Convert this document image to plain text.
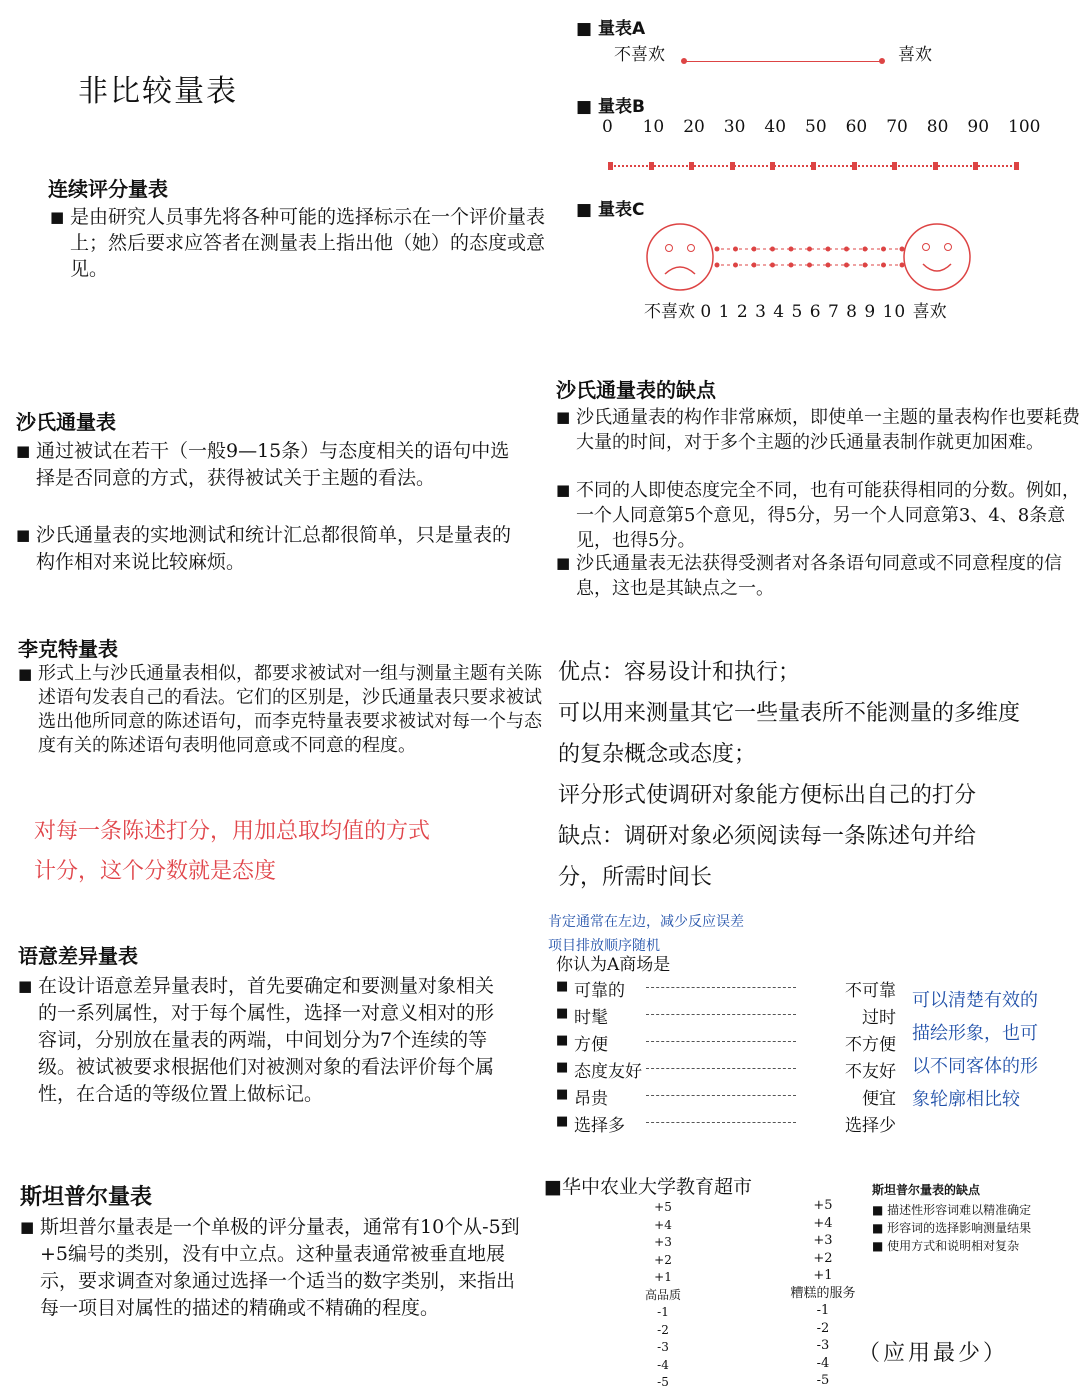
非比较量表
连续评分量表
■ 是由研究人员事先将各种可能的选择标示在一个评价量表上；然后要求应答者在测量表上指出他（她）的态度或意见。
■ 量表A
不喜欢	喜欢
■ 量表B
0 10 20 30 40 50 60 70 80 90 100
■ 量表C
不喜欢 0 1 2 3 4 5 6 7 8 9 10 喜欢
沙氏通量表
■ 通过被试在若干（一般9—15条）与态度相关的语句中选择是否同意的方式，获得被试关于主题的看法。
■ 沙氏通量表的实地测试和统计汇总都很简单，只是量表的构作相对来说比较麻烦。
沙氏通量表的缺点
■ 沙氏通量表的构作非常麻烦，即使单一主题的量表构作也要耗费大量的时间，对于多个主题的沙氏通量表制作就更加困难。
■ 不同的人即使态度完全不同，也有可能获得相同的分数。例如，一个人同意第5个意见，得5分，另一个人同意第3、4、8条意见，也得5分。
■ 沙氏通量表无法获得受测者对各条语句同意或不同意程度的信息，这也是其缺点之一。
李克特量表
■ 形式上与沙氏通量表相似，都要求被试对一组与测量主题有关陈述语句发表自己的看法。它们的区别是，沙氏通量表只要求被试选出他所同意的陈述语句，而李克特量表要求被试对每一个与态度有关的陈述语句表明他同意或不同意的程度。
对每一条陈述打分，用加总取均值的方式
计分，这个分数就是态度
优点：容易设计和执行；
可以用来测量其它一些量表所不能测量的多维度
的复杂概念或态度；
评分形式使调研对象能方便标出自己的打分
缺点：调研对象必须阅读每一条陈述句并给
分，所需时间长
语意差异量表
■ 在设计语意差异量表时，首先要确定和要测量对象相关的一系列属性，对于每个属性，选择一对意义相对的形容词，分别放在量表的两端，中间划分为7个连续的等级。被试被要求根据他们对被测对象的看法评价每个属性，在合适的等级位置上做标记。
肯定通常在左边，减少反应误差
项目排放顺序随机
你认为A商场是
■ 可靠的	不可靠
■ 时髦	过时
■ 方便	不方便
■ 态度友好	不友好
■ 昂贵	便宜
■ 选择多	选择少
可以清楚有效的
描绘形象，也可
以不同客体的形
象轮廓相比较
斯坦普尔量表
■ 斯坦普尔量表是一个单极的评分量表，通常有10个从-5到+5编号的类别，没有中立点。这种量表通常被垂直地展示，要求调查对象通过选择一个适当的数字类别，来指出每一项目对属性的描述的精确或不精确的程度。
■华中农业大学教育超市
+5
+4
+3
+2
+1
高品质
-1
-2
-3
-4
-5
+5
+4
+3
+2
+1
糟糕的服务
-1
-2
-3
-4
-5
斯坦普尔量表的缺点
■ 描述性形容词难以精准确定
■ 形容词的选择影响测量结果
■ 使用方式和说明相对复杂
（应用最少）
